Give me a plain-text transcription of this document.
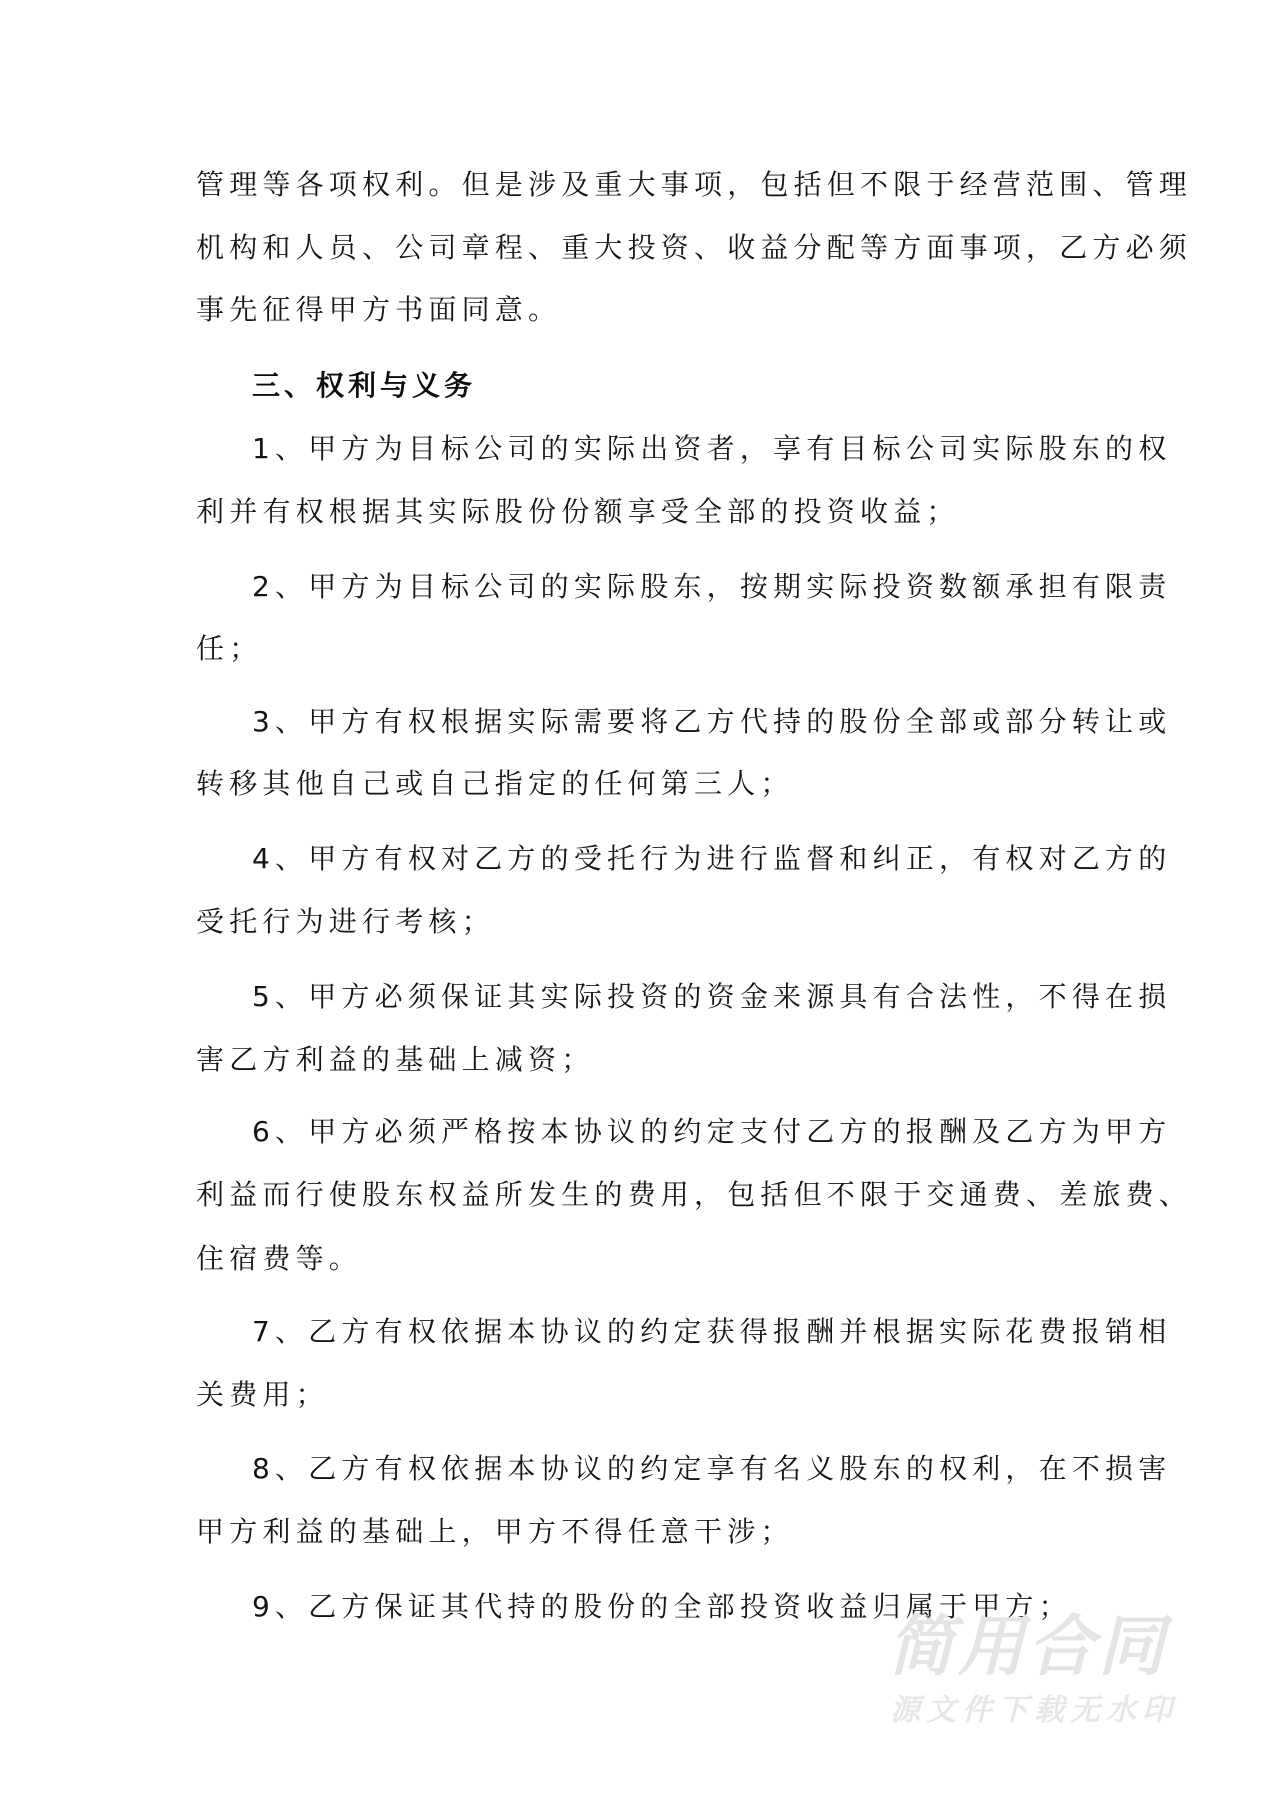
管理等各项权利。但是涉及重大事项，包括但不限于经营范围、管理
机构和人员、公司章程、重大投资、收益分配等方面事项，乙方必须
事先征得甲方书面同意。
三、权利与义务
1、甲方为目标公司的实际出资者，享有目标公司实际股东的权
利并有权根据其实际股份份额享受全部的投资收益；
2、甲方为目标公司的实际股东，按期实际投资数额承担有限责
任；
3、甲方有权根据实际需要将乙方代持的股份全部或部分转让或
转移其他自己或自己指定的任何第三人；
4、甲方有权对乙方的受托行为进行监督和纠正，有权对乙方的
受托行为进行考核；
5、甲方必须保证其实际投资的资金来源具有合法性，不得在损
害乙方利益的基础上减资；
6、甲方必须严格按本协议的约定支付乙方的报酬及乙方为甲方
利益而行使股东权益所发生的费用，包括但不限于交通费、差旅费、
住宿费等。
7、乙方有权依据本协议的约定获得报酬并根据实际花费报销相
关费用；
8、乙方有权依据本协议的约定享有名义股东的权利，在不损害
甲方利益的基础上，甲方不得任意干涉；
9、乙方保证其代持的股份的全部投资收益归属于甲方；
简用合同
源文件下载无水印
